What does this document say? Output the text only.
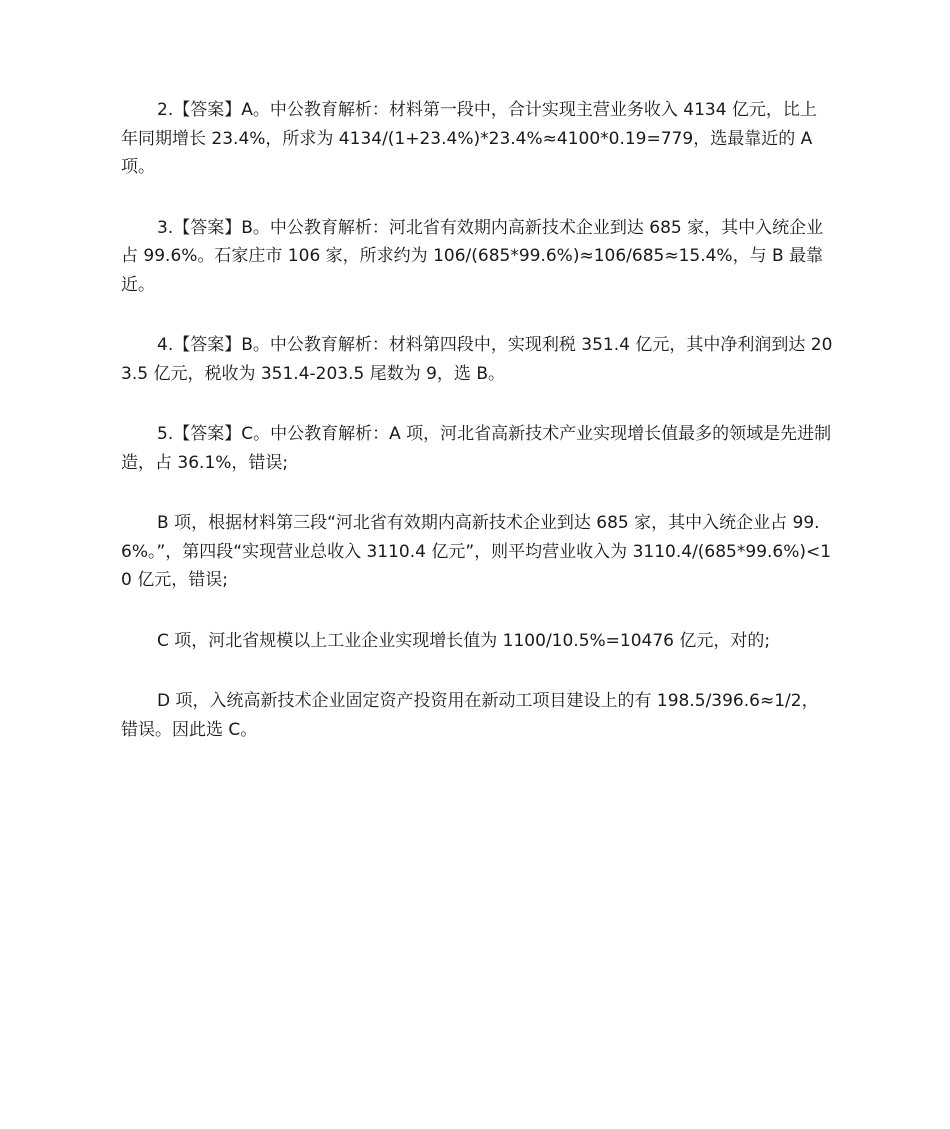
2.【答案】A。中公教育解析：材料第一段中，合计实现主营业务收入 4134 亿元，比上年同期增长 23.4%，所求为 4134/(1+23.4%)*23.4%≈4100*0.19=779，选最靠近的 A 项。

3.【答案】B。中公教育解析：河北省有效期内高新技术企业到达 685 家，其中入统企业占 99.6%。石家庄市 106 家，所求约为 106/(685*99.6%)≈106/685≈15.4%，与 B 最靠近。

4.【答案】B。中公教育解析：材料第四段中，实现利税 351.4 亿元，其中净利润到达 203.5 亿元，税收为 351.4-203.5 尾数为 9，选 B。

5.【答案】C。中公教育解析：A 项，河北省高新技术产业实现增长值最多的领域是先进制造，占 36.1%，错误;

B 项，根据材料第三段“河北省有效期内高新技术企业到达 685 家，其中入统企业占 99.6%。”，第四段“实现营业总收入 3110.4 亿元”，则平均营业收入为 3110.4/(685*99.6%)<10 亿元，错误;

C 项，河北省规模以上工业企业实现增长值为 1100/10.5%=10476 亿元，对的;

D 项，入统高新技术企业固定资产投资用在新动工项目建设上的有 198.5/396.6≈1/2，错误。因此选 C。
